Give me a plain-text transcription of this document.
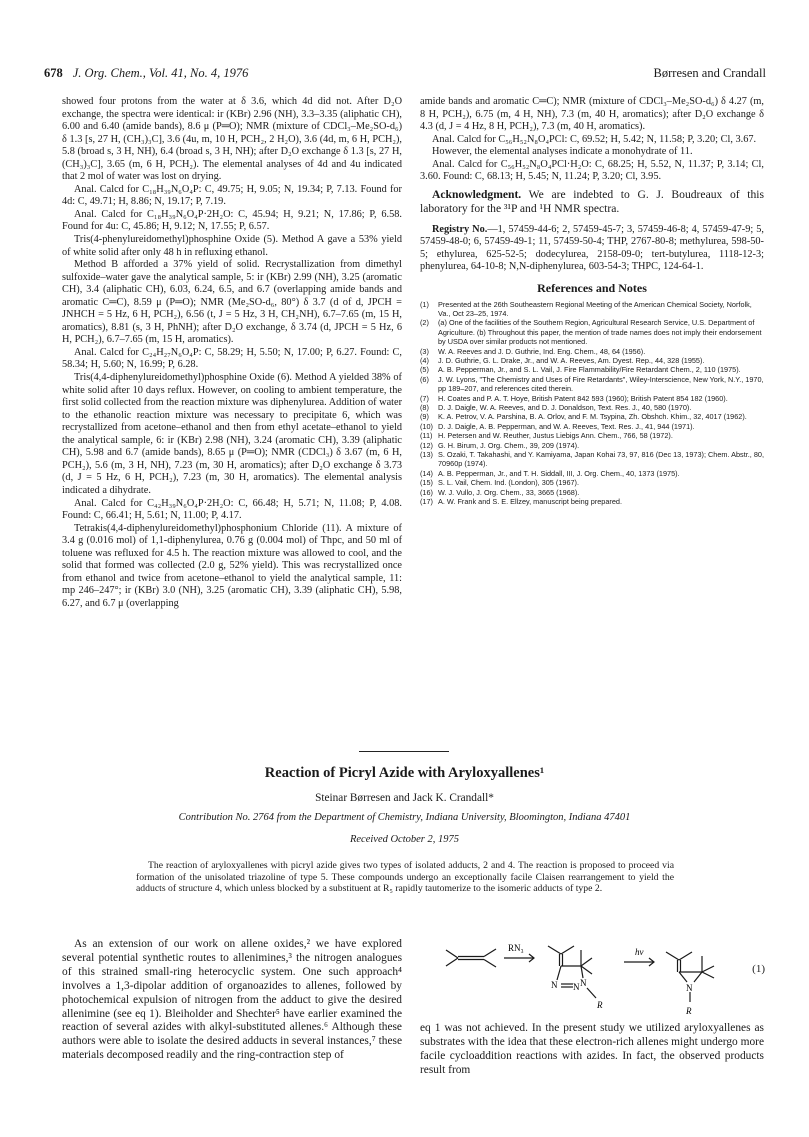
678 J. Org. Chem., Vol. 41, No. 4, 1976	Børresen and Crandall

showed four protons from the water at δ 3.6, which 4d did not. After D₂O exchange, the spectra were identical: ir (KBr) 2.96 (NH), 3.3–3.35 (aliphatic CH), 6.00 and 6.40 (amide bands), 8.6 μ (P═O); NMR (mixture of CDCl₃–Me₂SO-d₆) δ 1.3 [s, 27 H, (CH₃)₃C], 3.6 (4u, m, 10 H, PCH₂, 2 H₂O), 3.6 (4d, m, 6 H, PCH₂), 5.8 (broad s, 3 H, NH), 6.4 (broad s, 3 H, NH); after D₂O exchange δ 1.3 [s, 27 H, (CH₃)₃C], 3.65 (m, 6 H, PCH₂). The elemental analyses of 4d and 4u indicated that 2 mol of water was lost on drying.

Anal. Calcd for C₁₈H₃₉N₆O₄P: C, 49.75; H, 9.05; N, 19.34; P, 7.13. Found for 4d: C, 49.71; H, 8.86; N, 19.17; P, 7.19.

Anal. Calcd for C₁₈H₃₉N₆O₄P·2H₂O: C, 45.94; H, 9.21; N, 17.86; P, 6.58. Found for 4u: C, 45.86; H, 9.12; N, 17.55; P, 6.57.

Tris(4-phenylureidomethyl)phosphine Oxide (5). Method A gave a 53% yield of white solid after only 48 h in refluxing ethanol.

Method B afforded a 37% yield of solid. Recrystallization from dimethyl sulfoxide–water gave the analytical sample, 5: ir (KBr) 2.99 (NH), 3.25 (aromatic CH), 3.4 (aliphatic CH), 6.03, 6.24, 6.5, and 6.7 (overlapping amide bands and aromatic C═C), 8.59 μ (P═O); NMR (Me₂SO-d₆, 80°) δ 3.7 (d of d, JPCH = JNHCH = 5 Hz, 6 H, PCH₂), 6.56 (t, J = 5 Hz, 3 H, CH₂NH), 6.7–7.65 (m, 15 H, aromatics), 8.81 (s, 3 H, PhNH); after D₂O exchange, δ 3.74 (d, JPCH = 5 Hz, 6 H, PCH₂), 6.7–7.65 (m, 15 H, aromatics).

Anal. Calcd for C₂₄H₂₇N₆O₄P: C, 58.29; H, 5.50; N, 17.00; P, 6.27. Found: C, 58.34; H, 5.60; N, 16.99; P, 6.28.

Tris(4,4-diphenylureidomethyl)phosphine Oxide (6). Method A yielded 38% of white solid after 10 days reflux. However, on cooling to ambient temperature, the first solid collected from the reaction mixture was diphenylurea. Addition of water to the ethanolic reaction mixture was necessary to precipitate 6, which was recrystallized from acetone–ethanol and then from ethyl acetate–ethanol to yield the analytical sample, 6: ir (KBr) 2.98 (NH), 3.24 (aromatic CH), 3.39 (aliphatic CH), 5.98 and 6.7 (amide bands), 8.65 μ (P═O); NMR (CDCl₃) δ 3.67 (m, 6 H, PCH₂), 5.6 (m, 3 H, NH), 7.23 (m, 30 H, aromatics); after D₂O exchange δ 3.73 (d, J = 5 Hz, 6 H, PCH₂), 7.23 (m, 30 H, aromatics). The elemental analysis indicated a dihydrate.

Anal. Calcd for C₄₂H₃₉N₆O₄P·2H₂O: C, 66.48; H, 5.71; N, 11.08; P, 4.08. Found: C, 66.41; H, 5.61; N, 11.00; P, 4.17.

Tetrakis(4,4-diphenylureidomethyl)phosphonium Chloride (11). A mixture of 3.4 g (0.016 mol) of 1,1-diphenylurea, 0.76 g (0.004 mol) of Thpc, and 50 ml of toluene was refluxed for 4.5 h. The reaction mixture was allowed to cool, and the solid that formed was collected (2.0 g, 52% yield). This was recrystallized once from ethanol and twice from acetone–ethanol to yield the analytical sample, 11: mp 246–247°; ir (KBr) 3.0 (NH), 3.25 (aromatic CH), 3.39 (aliphatic CH), 5.98, 6.27, and 6.7 μ (overlapping

amide bands and aromatic C═C); NMR (mixture of CDCl₃–Me₂SO-d₆) δ 4.27 (m, 8 H, PCH₂), 6.75 (m, 4 H, NH), 7.3 (m, 40 H, aromatics); after D₂O exchange δ 4.3 (d, J = 4 Hz, 8 H, PCH₂), 7.3 (m, 40 H, aromatics).

Anal. Calcd for C₅₆H₅₂N₈O₄PCl: C, 69.52; H, 5.42; N, 11.58; P, 3.20; Cl, 3.67.

However, the elemental analyses indicate a monohydrate of 11.

Anal. Calcd for C₅₆H₅₂N₈O₄PCl·H₂O: C, 68.25; H, 5.52, N, 11.37; P, 3.14; Cl, 3.60. Found: C, 68.13; H, 5.45; N, 11.24; P, 3.20; Cl, 3.95.

Acknowledgment. We are indebted to G. J. Boudreaux of this laboratory for the ³¹P and ¹H NMR spectra.

Registry No.—1, 57459-44-6; 2, 57459-45-7; 3, 57459-46-8; 4, 57459-47-9; 5, 57459-48-0; 6, 57459-49-1; 11, 57459-50-4; THP, 2767-80-8; methylurea, 598-50-5; ethylurea, 625-52-5; dodecylurea, 2158-09-0; tert-butylurea, 1118-12-3; phenylurea, 64-10-8; N,N-diphenylurea, 603-54-3; THPC, 124-64-1.

References and Notes
(1)	Presented at the 26th Southeastern Regional Meeting of the American Chemical Society, Norfolk, Va., Oct 23–25, 1974.
(2)	(a) One of the facilities of the Southern Region, Agricultural Research Service, U.S. Department of Agriculture. (b) Throughout this paper, the mention of trade names does not imply their endorsement by USDA over similar products not mentioned.
(3)	W. A. Reeves and J. D. Guthrie, Ind. Eng. Chem., 48, 64 (1956).
(4)	J. D. Guthrie, G. L. Drake, Jr., and W. A. Reeves, Am. Dyest. Rep., 44, 328 (1955).
(5)	A. B. Pepperman, Jr., and S. L. Vail, J. Fire Flammability/Fire Retardant Chem., 2, 110 (1975).
(6)	J. W. Lyons, "The Chemistry and Uses of Fire Retardants", Wiley-Interscience, New York, N.Y., 1970, pp 189–207, and references cited therein.
(7)	H. Coates and P. A. T. Hoye, British Patent 842 593 (1960); British Patent 854 182 (1960).
(8)	D. J. Daigle, W. A. Reeves, and D. J. Donaldson, Text. Res. J., 40, 580 (1970).
(9)	K. A. Petrov, V. A. Parshina, B. A. Orlov, and F. M. Tsypina, Zh. Obshch. Khim., 32, 4017 (1962).
(10) D. J. Daigle, A. B. Pepperman, and W. A. Reeves, Text. Res. J., 41, 944 (1971).
(11) H. Petersen and W. Reuther, Justus Liebigs Ann. Chem., 766, 58 (1972).
(12) G. H. Birum, J. Org. Chem., 39, 209 (1974).
(13) S. Ozaki, T. Takahashi, and Y. Kamiyama, Japan Kohai 73, 97, 816 (Dec 13, 1973); Chem. Abstr., 80, 70960p (1974).
(14) A. B. Pepperman, Jr., and T. H. Siddall, III, J. Org. Chem., 40, 1373 (1975).
(15) S. L. Vail, Chem. Ind. (London), 305 (1967).
(16) W. J. Vullo, J. Org. Chem., 33, 3665 (1968).
(17) A. W. Frank and S. E. Ellzey, manuscript being prepared.
Reaction of Picryl Azide with Aryloxyallenes¹
Steinar Børresen and Jack K. Crandall*
Contribution No. 2764 from the Department of Chemistry, Indiana University, Bloomington, Indiana 47401
Received October 2, 1975
The reaction of aryloxyallenes with picryl azide gives two types of isolated adducts, 2 and 4. The reaction is proposed to proceed via formation of the unisolated triazoline of type 5. These compounds undergo an exceptionally facile Claisen rearrangement to yield the adducts of structure 4, which unless blocked by a substituent at R₅ rapidly tautomerize to the isomeric adducts of type 2.
As an extension of our work on allene oxides,² we have explored several potential synthetic routes to allenimines,³ the nitrogen analogues of this strained small-ring heterocyclic system. One such approach⁴ involves a 1,3-dipolar addition of organoazides to allenes, followed by photochemical expulsion of nitrogen from the adduct to give the desired allenimine (see eq 1). Bleiholder and Shechter⁵ have earlier examined the reaction of several azides with alkyl-substituted allenes.⁶ Although these authors were able to isolate the desired adducts in several instances,⁷ these materials decomposed readily and the ring-contraction step of
eq 1 was not achieved. In the present study we utilized aryloxyallenes as substrates with the idea that these electron-rich allenes might undergo more facile cycloaddition reactions with azides. In fact, the observed products result from
RN₃
N N N
R
hν
N
R
(1)
